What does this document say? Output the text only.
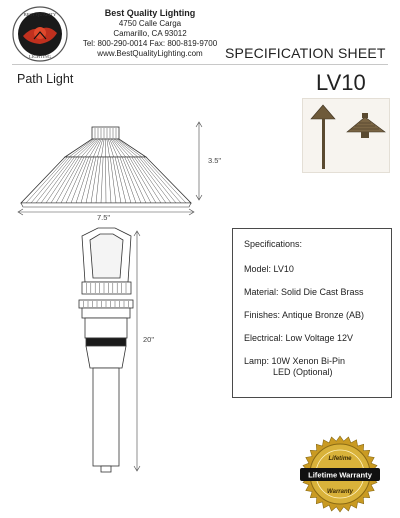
BEST QUALITY
LIGHTING
Best Quality Lighting
4750 Calle Carga
Camarillo, CA 93012
Tel: 800-290-0014 Fax: 800-819-9700
www.BestQualityLighting.com	SPECIFICATION SHEET
Path Light	LV10
3.5"
7.5"
20"
Specifications:
Model: LV10
Material: Solid Die Cast Brass
Finishes: Antique Bronze (AB)
Electrical: Low Voltage 12V
Lamp: 10W Xenon Bi-Pin
LED (Optional)
Lifetime
Lifetime Warranty
Warranty
